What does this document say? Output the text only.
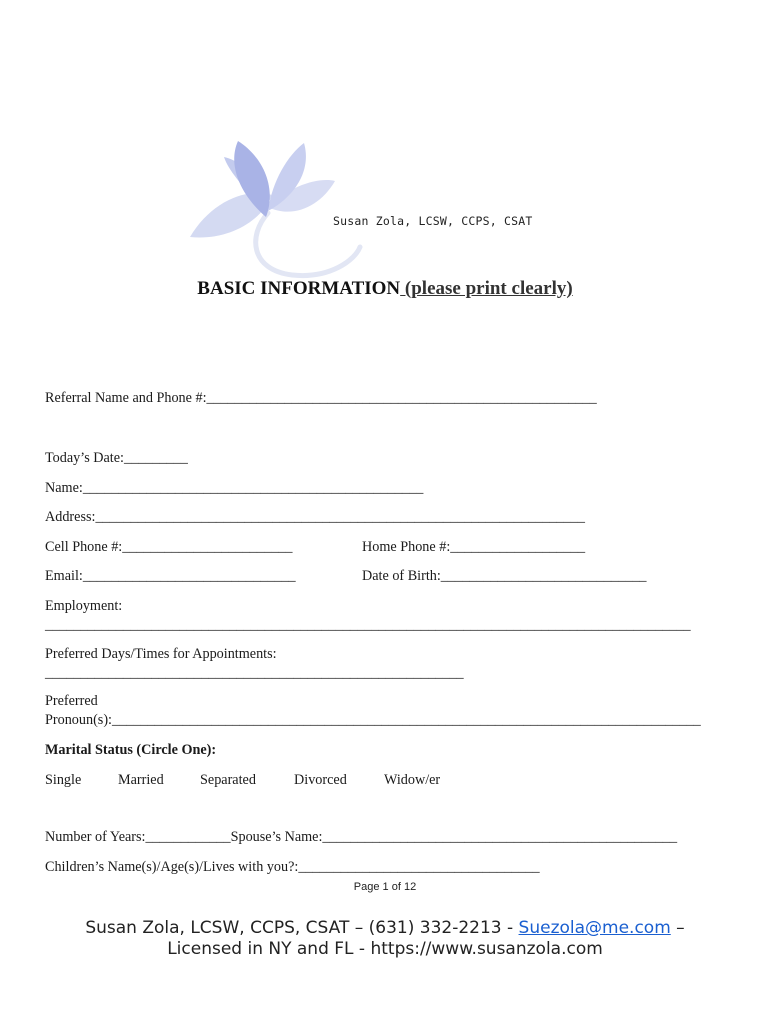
Susan Zola, LCSW, CCPS, CSAT
BASIC INFORMATION (please print clearly)
Referral Name and Phone #:_______________________________________________________
Today’s Date:_________
Name:________________________________________________
Address:_____________________________________________________________________
Cell Phone #:________________________	Home Phone #:___________________
Email:______________________________	Date of Birth:_____________________________
Employment:
___________________________________________________________________________________________
Preferred Days/Times for Appointments:
___________________________________________________________
Preferred
Pronoun(s):___________________________________________________________________________________
Marital Status (Circle One):
Single	Married	Separated	Divorced	Widow/er
Number of Years:____________Spouse’s Name:__________________________________________________
Children’s Name(s)/Age(s)/Lives with you?:__________________________________
Page 1 of 12
Susan Zola, LCSW, CCPS, CSAT – (631) 332-2213 - Suezola@me.com –
Licensed in NY and FL - https://www.susanzola.com
